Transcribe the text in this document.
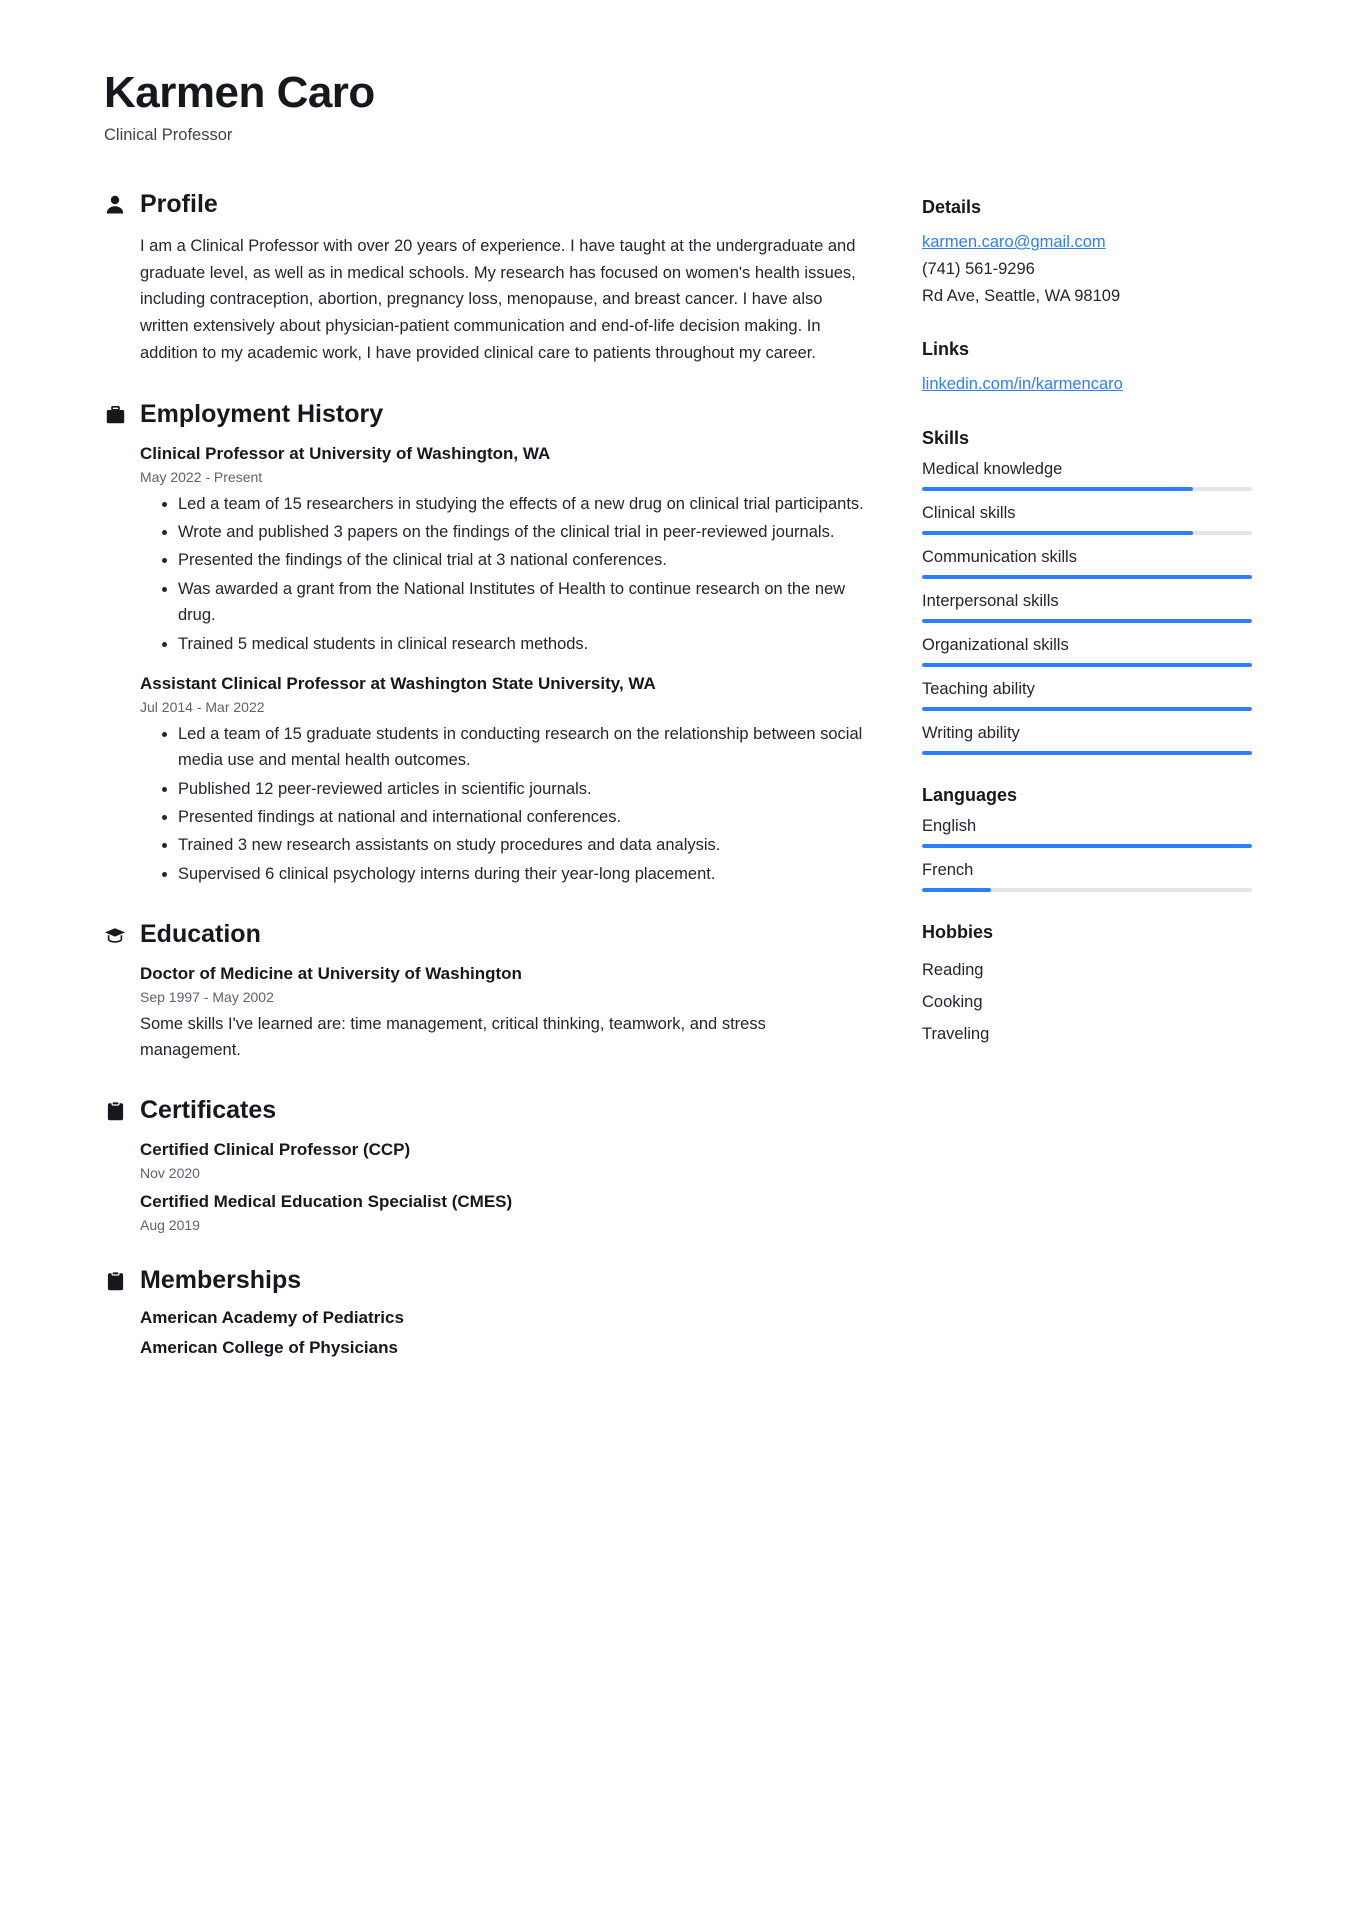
Karmen Caro
Clinical Professor
Profile
I am a Clinical Professor with over 20 years of experience. I have taught at the undergraduate and graduate level, as well as in medical schools. My research has focused on women's health issues, including contraception, abortion, pregnancy loss, menopause, and breast cancer. I have also written extensively about physician-patient communication and end-of-life decision making. In addition to my academic work, I have provided clinical care to patients throughout my career.
Employment History
Clinical Professor at University of Washington, WA
May 2022 - Present
Led a team of 15 researchers in studying the effects of a new drug on clinical trial participants.
Wrote and published 3 papers on the findings of the clinical trial in peer-reviewed journals.
Presented the findings of the clinical trial at 3 national conferences.
Was awarded a grant from the National Institutes of Health to continue research on the new drug.
Trained 5 medical students in clinical research methods.
Assistant Clinical Professor at Washington State University, WA
Jul 2014 - Mar 2022
Led a team of 15 graduate students in conducting research on the relationship between social media use and mental health outcomes.
Published 12 peer-reviewed articles in scientific journals.
Presented findings at national and international conferences.
Trained 3 new research assistants on study procedures and data analysis.
Supervised 6 clinical psychology interns during their year-long placement.
Education
Doctor of Medicine at University of Washington
Sep 1997 - May 2002
Some skills I've learned are: time management, critical thinking, teamwork, and stress management.
Certificates
Certified Clinical Professor (CCP)
Nov 2020
Certified Medical Education Specialist (CMES)
Aug 2019
Memberships
American Academy of Pediatrics
American College of Physicians
Details
karmen.caro@gmail.com
(741) 561-9296
Rd Ave, Seattle, WA 98109
Links
linkedin.com/in/karmencaro
Skills
Medical knowledge
Clinical skills
Communication skills
Interpersonal skills
Organizational skills
Teaching ability
Writing ability
Languages
English
French
Hobbies
Reading
Cooking
Traveling
